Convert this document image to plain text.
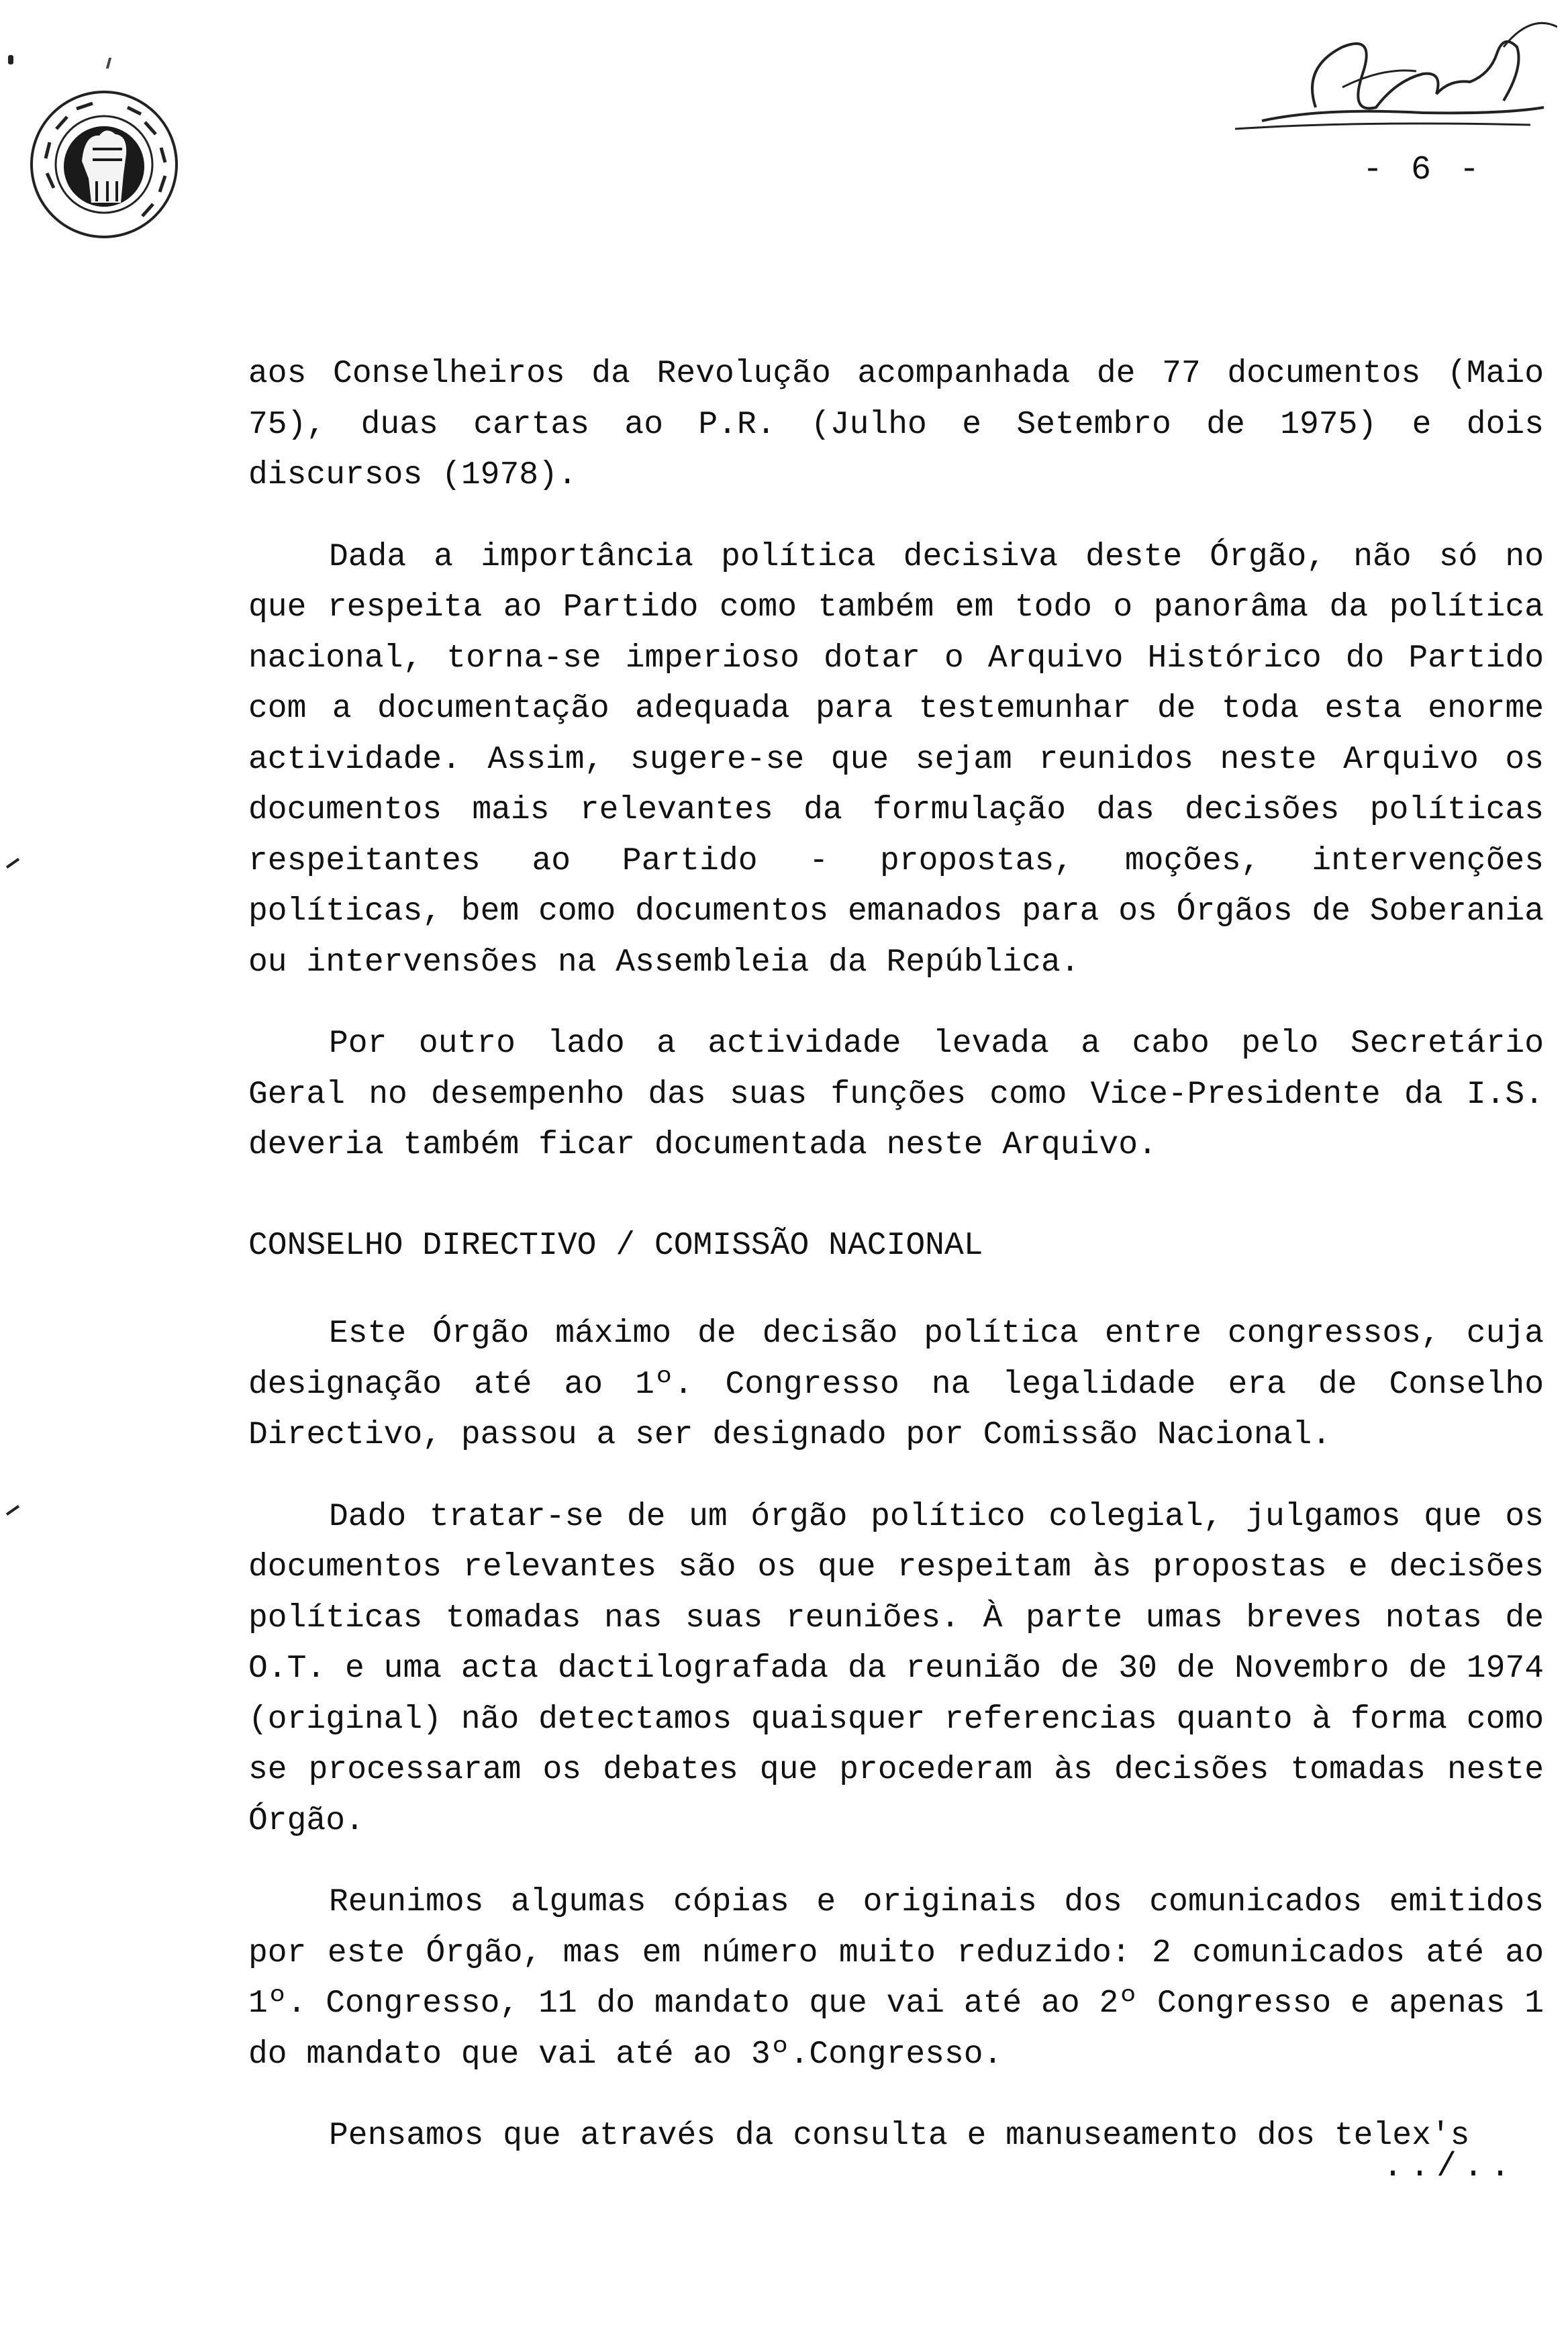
- 6 -

aos Conselheiros da Revolução acompanhada de 77 documentos (Maio 75), duas cartas ao P.R. (Julho e Setembro de 1975) e dois discursos (1978).

Dada a importância política decisiva deste Órgão, não só no que respeita ao Partido como também em todo o panorâma da política nacional, torna-se imperioso dotar o Arquivo Histórico do Partido com a documentação adequada para testemunhar de toda esta enorme actividade. Assim, sugere-se que sejam reunidos neste Arquivo os documentos mais relevantes da formulação das decisões políticas respeitantes ao Partido - propostas, moções, intervenções políticas, bem como documentos emanados para os Órgãos de Soberania ou intervensões na Assembleia da República.

Por outro lado a actividade levada a cabo pelo Secretário Geral no desempenho das suas funções como Vice-Presidente da I.S. deveria também ficar documentada neste Arquivo.

CONSELHO DIRECTIVO / COMISSÃO NACIONAL

Este Órgão máximo de decisão política entre congressos, cuja designação até ao 1º. Congresso na legalidade era de Conselho Directivo, passou a ser designado por Comissão Nacional.

Dado tratar-se de um órgão político colegial, julgamos que os documentos relevantes são os que respeitam às propostas e decisões políticas tomadas nas suas reuniões. À parte umas breves notas de O.T. e uma acta dactilografada da reunião de 30 de Novembro de 1974 (original) não detectamos quaisquer referencias quanto à forma como se processaram os debates que procederam às decisões tomadas neste Órgão.

Reunimos algumas cópias e originais dos comunicados emitidos por este Órgão, mas em número muito reduzido: 2 comunicados até ao 1º. Congresso, 11 do mandato que vai até ao 2º Congresso e apenas 1 do mandato que vai até ao 3º.Congresso.

Pensamos que através da consulta e manuseamento dos telex's

../..
